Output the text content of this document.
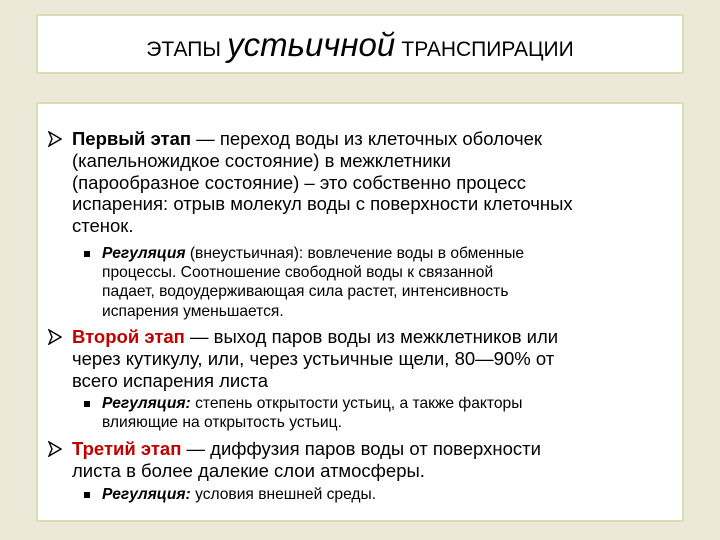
ЭТАПЫ устьичной ТРАНСПИРАЦИИ
Первый этап — переход воды из клеточных оболочек
(капельножидкое состояние) в межклетники
(парообразное состояние) – это собственно процесс
испарения: отрыв молекул воды с поверхности клеточных
стенок.
Регуляция (внеустьичная): вовлечение воды в обменные
процессы. Соотношение свободной воды к связанной
падает, водоудерживающая сила растет, интенсивность
испарения уменьшается.
Второй этап — выход паров воды из межклетников или
через кутикулу, или, через устьичные щели, 80—90% от
всего испарения листа
Регуляция: степень открытости устьиц, а также факторы
влияющие на открытость устьиц.
Третий этап — диффузия паров воды от поверхности
листа в более далекие слои атмосферы.
Регуляция: условия внешней среды.
